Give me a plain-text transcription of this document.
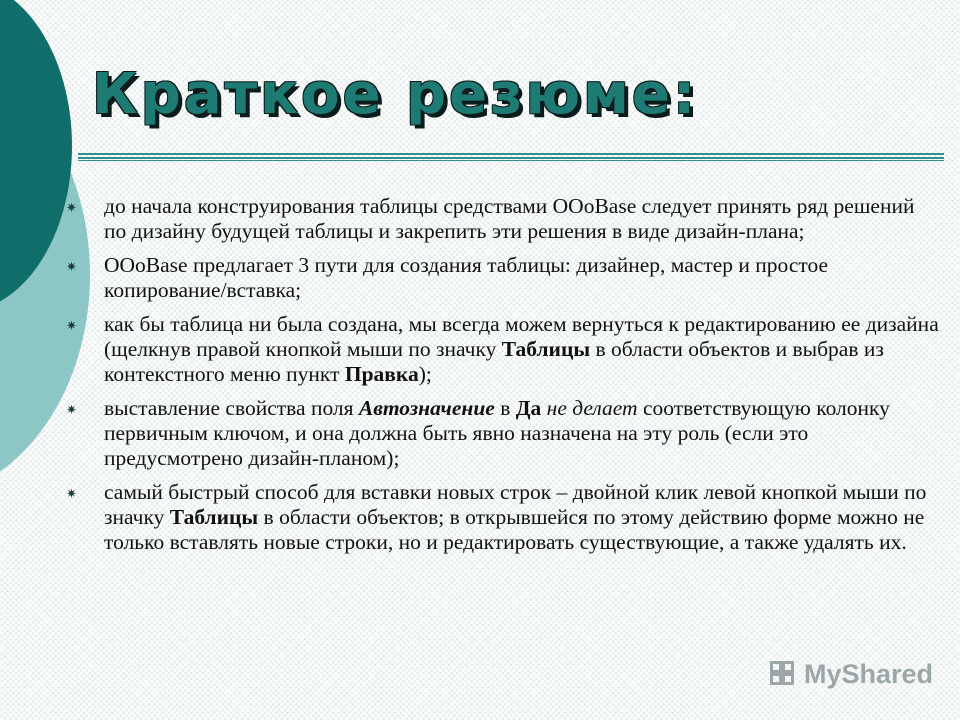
Краткое резюме:
✷ до начала конструирования таблицы средствами OOoBase следует принять ряд решений по дизайну будущей таблицы и закрепить эти решения в виде дизайн-плана;
✷ OOoBase предлагает 3 пути для создания таблицы: дизайнер, мастер и простое копирование/вставка;
✷ как бы таблица ни была создана, мы всегда можем вернуться к редактированию ее дизайна (щелкнув правой кнопкой мыши по значку Таблицы в области объектов и выбрав из контекстного меню пункт Правка);
✷ выставление свойства поля Автозначение в Да не делает соответствующую колонку первичным ключом, и она должна быть явно назначена на эту роль (если это предусмотрено дизайн-планом);
✷ самый быстрый способ для вставки новых строк – двойной клик левой кнопкой мыши по значку Таблицы в области объектов; в открывшейся по этому действию форме можно не только вставлять новые строки, но и редактировать существующие, а также удалять их.
MyShared
